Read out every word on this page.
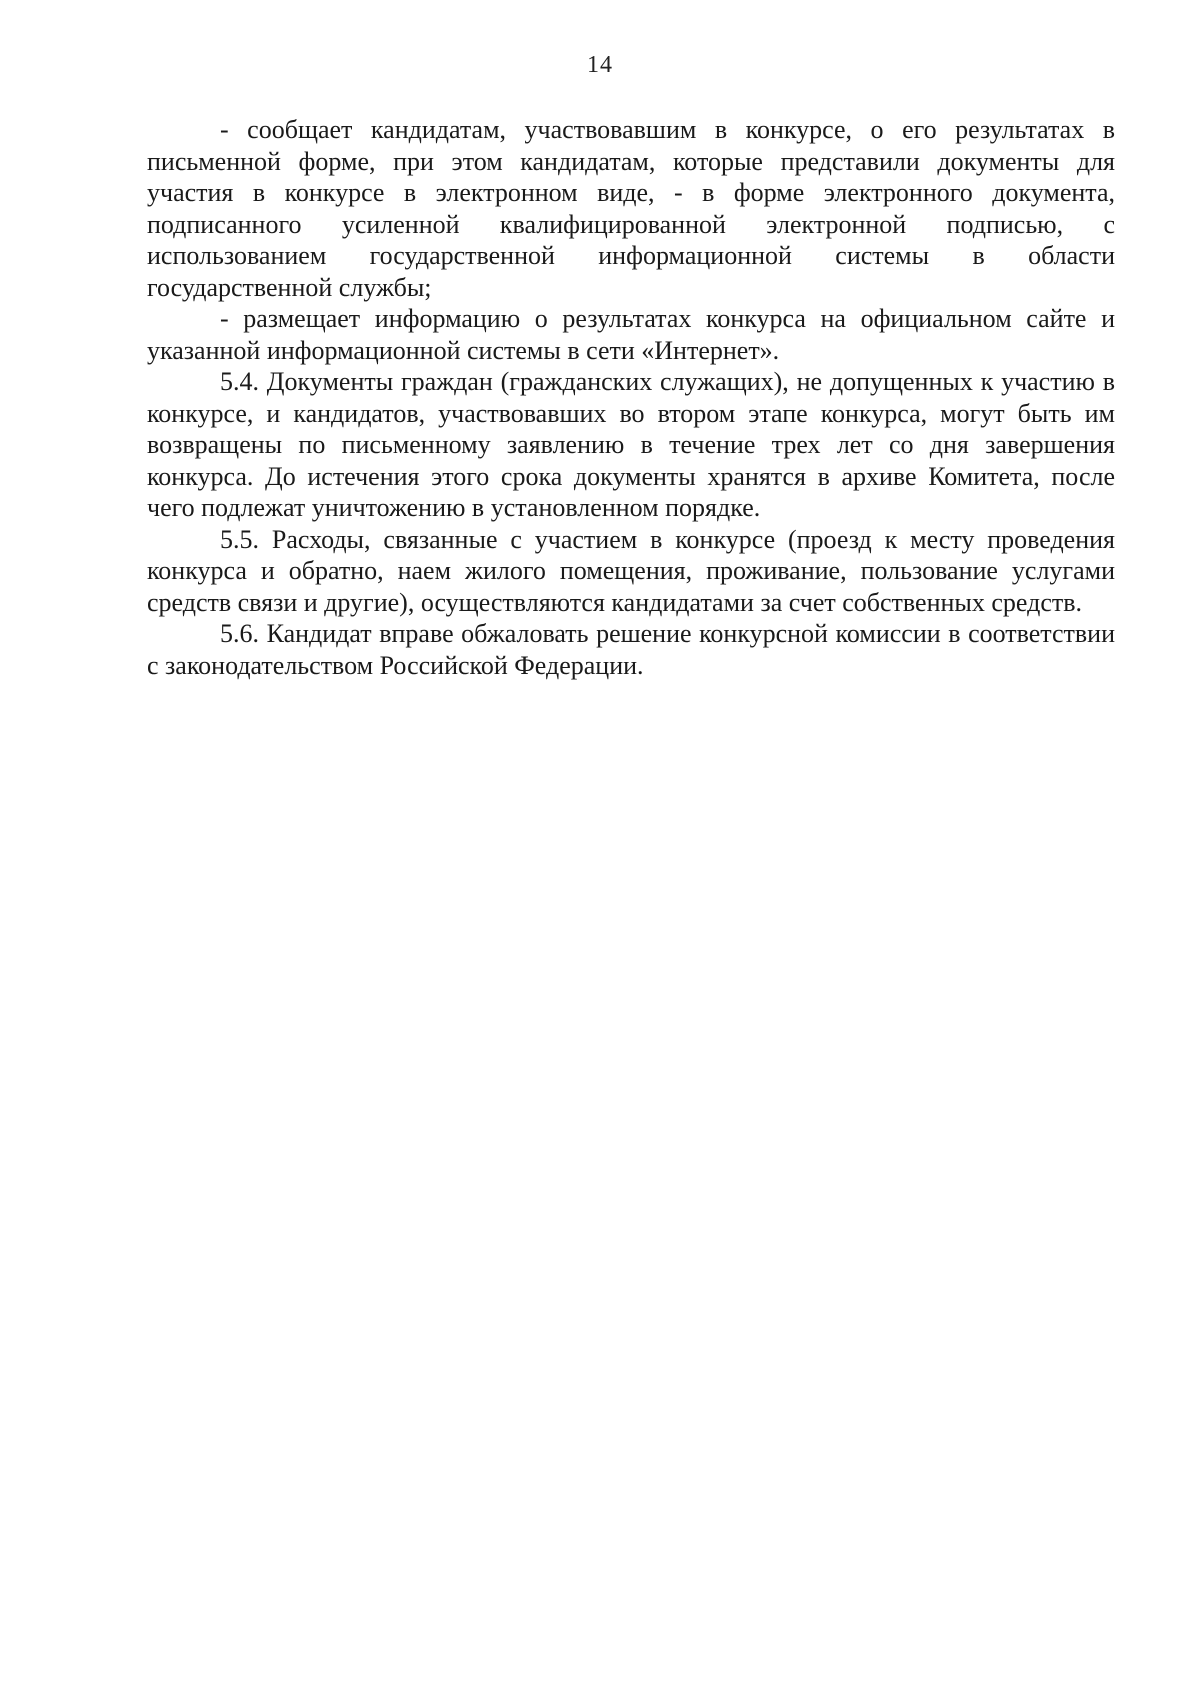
14

- сообщает кандидатам, участвовавшим в конкурсе, о его результатах в письменной форме, при этом кандидатам, которые представили документы для участия в конкурсе в электронном виде, - в форме электронного документа, подписанного усиленной квалифицированной электронной подписью, с использованием государственной информационной системы в области государственной службы;

- размещает информацию о результатах конкурса на официальном сайте и указанной информационной системы в сети «Интернет».

5.4. Документы граждан (гражданских служащих), не допущенных к участию в конкурсе, и кандидатов, участвовавших во втором этапе конкурса, могут быть им возвращены по письменному заявлению в течение трех лет со дня завершения конкурса. До истечения этого срока документы хранятся в архиве Комитета, после чего подлежат уничтожению в установленном порядке.

5.5. Расходы, связанные с участием в конкурсе (проезд к месту проведения конкурса и обратно, наем жилого помещения, проживание, пользование услугами средств связи и другие), осуществляются кандидатами за счет собственных средств.

5.6. Кандидат вправе обжаловать решение конкурсной комиссии в соответствии с законодательством Российской Федерации.
